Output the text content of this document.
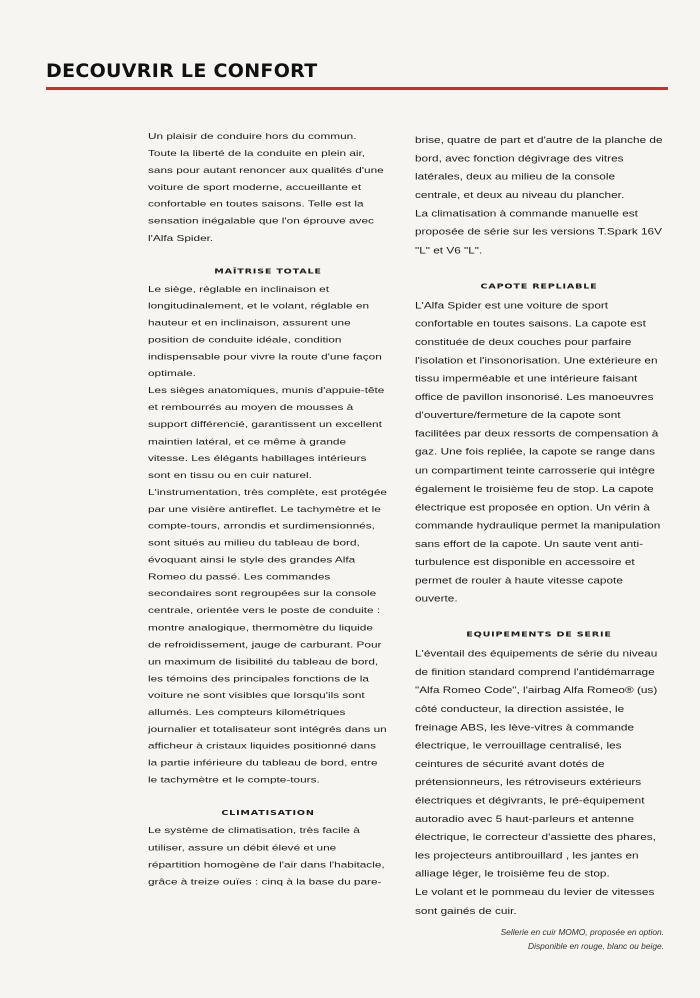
DECOUVRIR LE CONFORT

Un plaisir de conduire hors du commun. Toute la liberté de la conduite en plein air, sans pour autant renoncer aux qualités d'une voiture de sport moderne, accueillante et confortable en toutes saisons. Telle est la sensation inégalable que l'on éprouve avec l'Alfa Spider.

MAÎTRISE TOTALE

Le siège, réglable en inclinaison et longitudinalement, et le volant, réglable en hauteur et en inclinaison, assurent une position de conduite idéale, condition indispensable pour vivre la route d'une façon optimale.

Les sièges anatomiques, munis d'appuie-tête et rembourrés au moyen de mousses à support différencié, garantissent un excellent maintien latéral, et ce même à grande vitesse. Les élégants habillages intérieurs sont en tissu ou en cuir naturel. L'instrumentation, très complète, est protégée par une visière antireflet. Le tachymètre et le compte-tours, arrondis et surdimensionnés, sont situés au milieu du tableau de bord, évoquant ainsi le style des grandes Alfa Romeo du passé. Les commandes secondaires sont regroupées sur la console centrale, orientée vers le poste de conduite : montre analogique, thermomètre du liquide de refroidissement, jauge de carburant. Pour un maximum de lisibilité du tableau de bord, les témoins des principales fonctions de la voiture ne sont visibles que lorsqu'ils sont allumés. Les compteurs kilométriques journalier et totalisateur sont intégrés dans un afficheur à cristaux liquides positionné dans la partie inférieure du tableau de bord, entre le tachymètre et le compte-tours.

CLIMATISATION

Le système de climatisation, très facile à utiliser, assure un débit élevé et une répartition homogène de l'air dans l'habitacle, grâce à treize ouïes : cinq à la base du pare-

brise, quatre de part et d'autre de la planche de bord, avec fonction dégivrage des vitres latérales, deux au milieu de la console centrale, et deux au niveau du plancher.

La climatisation à commande manuelle est proposée de série sur les versions T.Spark 16V "L" et V6 "L".

CAPOTE REPLIABLE

L'Alfa Spider est une voiture de sport confortable en toutes saisons. La capote est constituée de deux couches pour parfaire l'isolation et l'insonorisation. Une extérieure en tissu imperméable et une intérieure faisant office de pavillon insonorisé. Les manoeuvres d'ouverture/fermeture de la capote sont facilitées par deux ressorts de compensation à gaz. Une fois repliée, la capote se range dans un compartiment teinte carrosserie qui intègre également le troisième feu de stop. La capote électrique est proposée en option. Un vérin à commande hydraulique permet la manipulation sans effort de la capote. Un saute vent anti-turbulence est disponible en accessoire et permet de rouler à haute vitesse capote ouverte.

EQUIPEMENTS DE SERIE

L'éventail des équipements de série du niveau de finition standard comprend l'antidémarrage "Alfa Romeo Code", l'airbag Alfa Romeo® (us) côté conducteur, la direction assistée, le freinage ABS, les lève-vitres à commande électrique, le verrouillage centralisé, les ceintures de sécurité avant dotés de prétensionneurs, les rétroviseurs extérieurs électriques et dégivrants, le pré-équipement autoradio avec 5 haut-parleurs et antenne électrique, le correcteur d'assiette des phares, les projecteurs antibrouillard , les jantes en alliage léger, le troisième feu de stop.

Le volant et le pommeau du levier de vitesses sont gainés de cuir.

Sellerie en cuir MOMO, proposée en option.

Disponible en rouge, blanc ou beige.
